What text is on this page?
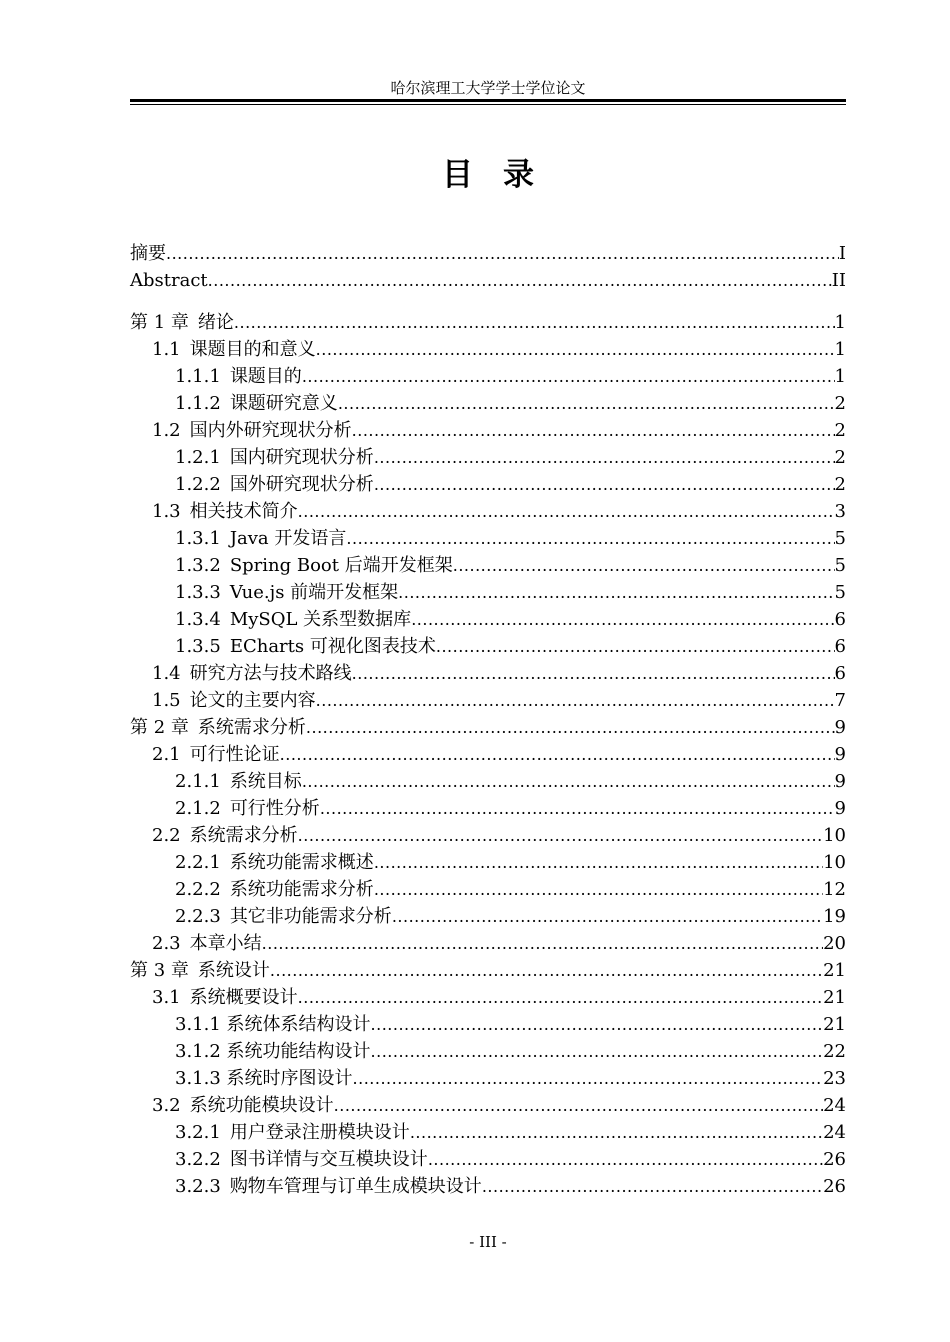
哈尔滨理工大学学士学位论文
目录
摘要 .....	I
Abstract .....	II
第 1 章 绪论 .....	1
1.1 课题目的和意义 .....	1
1.1.1 课题目的 .....	1
1.1.2 课题研究意义 .....	2
1.2 国内外研究现状分析 .....	2
1.2.1 国内研究现状分析 .....	2
1.2.2 国外研究现状分析 .....	2
1.3 相关技术简介 .....	3
1.3.1 Java 开发语言 .....	5
1.3.2 Spring Boot 后端开发框架 .....	5
1.3.3 Vue.js 前端开发框架 .....	5
1.3.4 MySQL 关系型数据库 .....	6
1.3.5 ECharts 可视化图表技术 .....	6
1.4 研究方法与技术路线 .....	6
1.5 论文的主要内容 .....	7
第 2 章 系统需求分析 .....	9
2.1 可行性论证 .....	9
2.1.1 系统目标 .....	9
2.1.2 可行性分析 .....	9
2.2 系统需求分析 .....	10
2.2.1 系统功能需求概述 .....	10
2.2.2 系统功能需求分析 .....	12
2.2.3 其它非功能需求分析 .....	19
2.3 本章小结 .....	20
第 3 章 系统设计 .....	21
3.1 系统概要设计 .....	21
3.1.1 系统体系结构设计 .....	21
3.1.2 系统功能结构设计 .....	22
3.1.3 系统时序图设计 .....	23
3.2 系统功能模块设计 .....	24
3.2.1 用户登录注册模块设计 .....	24
3.2.2 图书详情与交互模块设计 .....	26
3.2.3 购物车管理与订单生成模块设计 .....	26
- III -
